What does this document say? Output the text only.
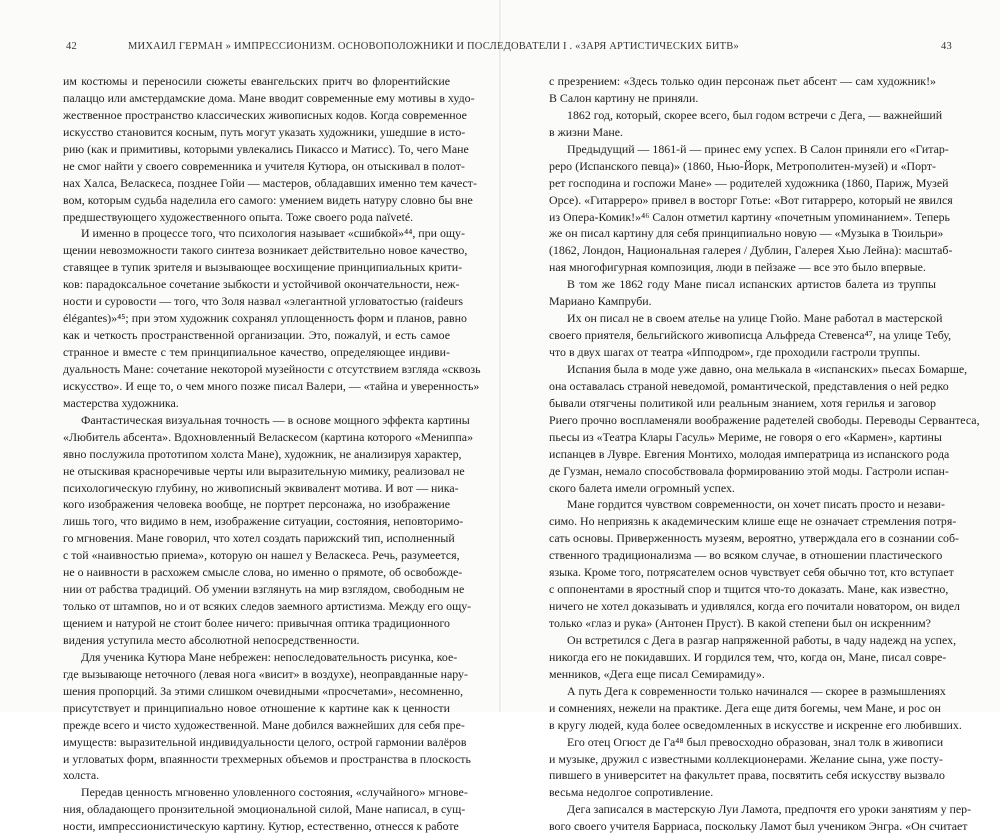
42	МИХАИЛ ГЕРМАН » ИМПРЕССИОНИЗМ. ОСНОВОПОЛОЖНИКИ И ПОСЛЕДОВАТЕЛИ
им костюмы и переносили сюжеты евангельских притч во флорентийские
палаццо или амстердамские дома. Мане вводит современные ему мотивы в худо-
жественное пространство классических живописных кодов. Когда современное
искусство становится косным, путь могут указать художники, ушедшие в исто-
рию (как и примитивы, которыми увлекались Пикассо и Матисс). То, чего Мане
не смог найти у своего современника и учителя Кутюра, он отыскивал в полот-
нах Халса, Веласкеса, позднее Гойи — мастеров, обладавших именно тем качест-
вом, которым судьба наделила его самого: умением видеть натуру словно бы вне
предшествующего художественного опыта. Тоже своего рода naïveté.
И именно в процессе того, что психология называет «сшибкой»⁴⁴, при ощу-
щении невозможности такого синтеза возникает действительно новое качество,
ставящее в тупик зрителя и вызывающее восхищение принципиальных крити-
ков: парадоксальное сочетание зыбкости и устойчивой окончательности, неж-
ности и суровости — того, что Золя назвал «элегантной угловатостью (raideurs
élégantes)»⁴⁵; при этом художник сохранял уплощенность форм и планов, равно
как и четкость пространственной организации. Это, пожалуй, и есть самое
странное и вместе с тем принципиальное качество, определяющее индиви-
дуальность Мане: сочетание некоторой музейности с отсутствием взгляда «сквозь
искусство». И еще то, о чем много позже писал Валери, — «тайна и уверенность»
мастерства художника.
Фантастическая визуальная точность — в основе мощного эффекта картины
«Любитель абсента». Вдохновленный Веласкесом (картина которого «Мениппа»
явно послужила прототипом холста Мане), художник, не анализируя характер,
не отыскивая красноречивые черты или выразительную мимику, реализовал не
психологическую глубину, но живописный эквивалент мотива. И вот — ника-
кого изображения человека вообще, не портрет персонажа, но изображение
лишь того, что видимо в нем, изображение ситуации, состояния, неповторимо-
го мгновения. Мане говорил, что хотел создать парижский тип, исполненный
с той «наивностью приема», которую он нашел у Веласкеса. Речь, разумеется,
не о наивности в расхожем смысле слова, но именно о прямоте, об освобожде-
нии от рабства традиций. Об умении взглянуть на мир взглядом, свободным не
только от штампов, но и от всяких следов заемного артистизма. Между его ощу-
щением и натурой не стоит более ничего: привычная оптика традиционного
видения уступила место абсолютной непосредственности.
Для ученика Кутюра Мане небрежен: непоследовательность рисунка, кое-
где вызывающе неточного (левая нога «висит» в воздухе), неоправданные нару-
шения пропорций. За этими слишком очевидными «просчетами», несомненно,
присутствует и принципиально новое отношение к картине как к ценности
прежде всего и чисто художественной. Мане добился важнейших для себя пре-
имуществ: выразительной индивидуальности целого, острой гармонии валёров
и угловатых форм, впаянности трехмерных объемов и пространства в плоскость
холста.
Передав ценность мгновенно уловленного состояния, «случайного» мгнове-
ния, обладающего пронзительной эмоциональной силой, Мане написал, в сущ-
ности, импрессионистическую картину. Кутюр, естественно, отнесся к работе
I . «ЗАРЯ АРТИСТИЧЕСКИХ БИТВ»	43
с презрением: «Здесь только один персонаж пьет абсент — сам художник!»
В Салон картину не приняли.
1862 год, который, скорее всего, был годом встречи с Дега, — важнейший
в жизни Мане.
Предыдущий — 1861-й — принес ему успех. В Салон приняли его «Гитар-
реро (Испанского певца)» (1860, Нью-Йорк, Метрополитен-музей) и «Порт-
рет господина и госпожи Мане» — родителей художника (1860, Париж, Музей
Орсе). «Гитарреро» привел в восторг Готье: «Вот гитарреро, который не явился
из Опера-Комик!»⁴⁶ Салон отметил картину «почетным упоминанием». Теперь
же он писал картину для себя принципиально новую — «Музыка в Тюильри»
(1862, Лондон, Национальная галерея / Дублин, Галерея Хью Лейна): масштаб-
ная многофигурная композиция, люди в пейзаже — все это было впервые.
В том же 1862 году Мане писал испанских артистов балета из труппы
Мариано Кампруби.
Их он писал не в своем ателье на улице Гюйо. Мане работал в мастерской
своего приятеля, бельгийского живописца Альфреда Стевенса⁴⁷, на улице Тебу,
что в двух шагах от театра «Ипподром», где проходили гастроли труппы.
Испания была в моде уже давно, она мелькала в «испанских» пьесах Бомарше,
она оставалась страной неведомой, романтической, представления о ней редко
бывали отягчены политикой или реальным знанием, хотя герилья и заговор
Риего прочно воспламеняли воображение радетелей свободы. Переводы Сервантеса,
пьесы из «Театра Клары Гасуль» Мериме, не говоря о его «Кармен», картины
испанцев в Лувре. Евгения Монтихо, молодая императрица из испанского рода
де Гузман, немало способствовала формированию этой моды. Гастроли испан-
ского балета имели огромный успех.
Мане гордится чувством современности, он хочет писать просто и незави-
симо. Но неприязнь к академическим клише еще не означает стремления потря-
сать основы. Приверженность музеям, вероятно, утверждала его в сознании соб-
ственного традиционализма — во всяком случае, в отношении пластического
языка. Кроме того, потрясателем основ чувствует себя обычно тот, кто вступает
с оппонентами в яростный спор и тщится что-то доказать. Мане, как известно,
ничего не хотел доказывать и удивлялся, когда его почитали новатором, он видел
только «глаз и рука» (Антонен Пруст). В какой степени был он искренним?
Он встретился с Дега в разгар напряженной работы, в чаду надежд на успех,
никогда его не покидавших. И гордился тем, что, когда он, Мане, писал совре-
менников, «Дега еще писал Семирамиду».
А путь Дега к современности только начинался — скорее в размышлениях
и сомнениях, нежели на практике. Дега еще дитя богемы, чем Мане, и рос он
в кругу людей, куда более осведомленных в искусстве и искренне его любивших.
Его отец Огюст де Га⁴⁸ был превосходно образован, знал толк в живописи
и музыке, дружил с известными коллекционерами. Желание сына, уже посту-
пившего в университет на факультет права, посвятить себя искусству вызвало
весьма недолгое сопротивление.
Дега записался в мастерскую Луи Ламота, предпочтя его уроки занятиям у пер-
вого своего учителя Барриаса, поскольку Ламот был учеником Энгра. «Он считает
